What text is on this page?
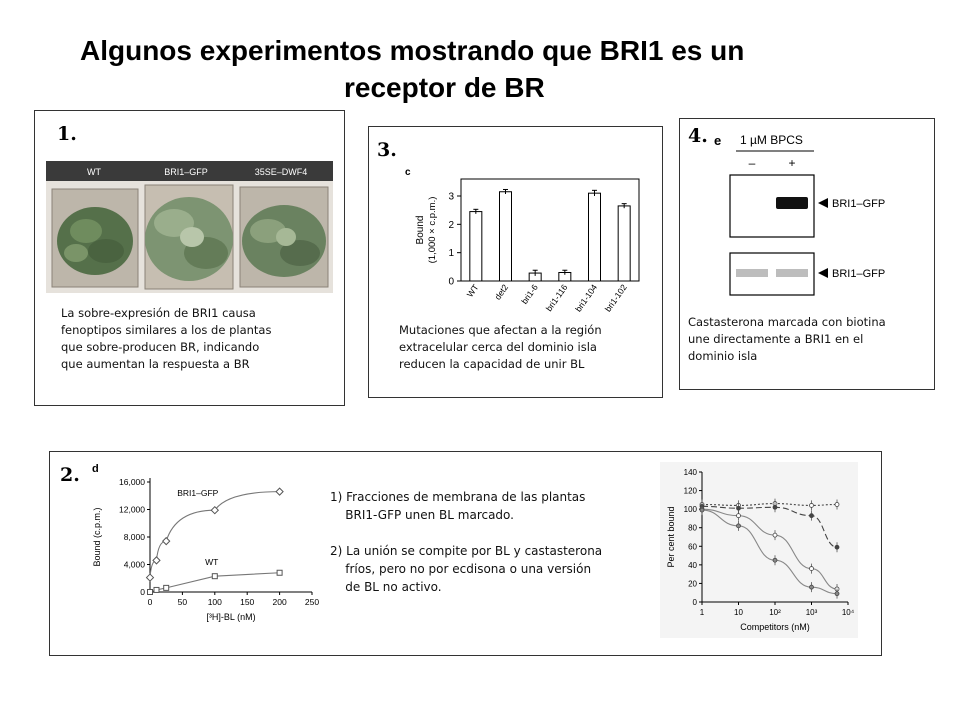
Algunos experimentos mostrando que BRI1 es un
receptor de BR
1.
WT	BRI1–GFP	35SE–DWF4
La sobre-expresión de BRI1 causa
fenoptipos similares a los de plantas
que sobre-producen BR, indicando
que aumentan la respuesta a BR
3.
c
0
1
2
3
Bound (1,000 × c.p.m.)
WT det2 bri1-6 bri1-116 bri1-104 bri1-102
Mutaciones que afectan a la región
extracelular cerca del dominio isla
reducen la capacidad de unir BL
4. e 1 µM BPCS
–	+
BRI1–GFP
BRI1–GFP
Castasterona marcada con biotina
une directamente a BRI1 en el
dominio isla
2. d
0
4,000
8,000
12,000
16,000
0	50 100 150 200 250
[³H]-BL (nM)
Bound (c.p.m.)
BRI1–GFP
WT
1) Fracciones de membrana de las plantas
BRI1-GFP unen BL marcado.
2) La unión se compite por BL y castasterona
fríos, pero no por ecdisona o una versión
de BL no activo.
0
20
40
60
80
100
120
140
1	10	10²	10³	10⁴
Competitors (nM)
Per cent bound
